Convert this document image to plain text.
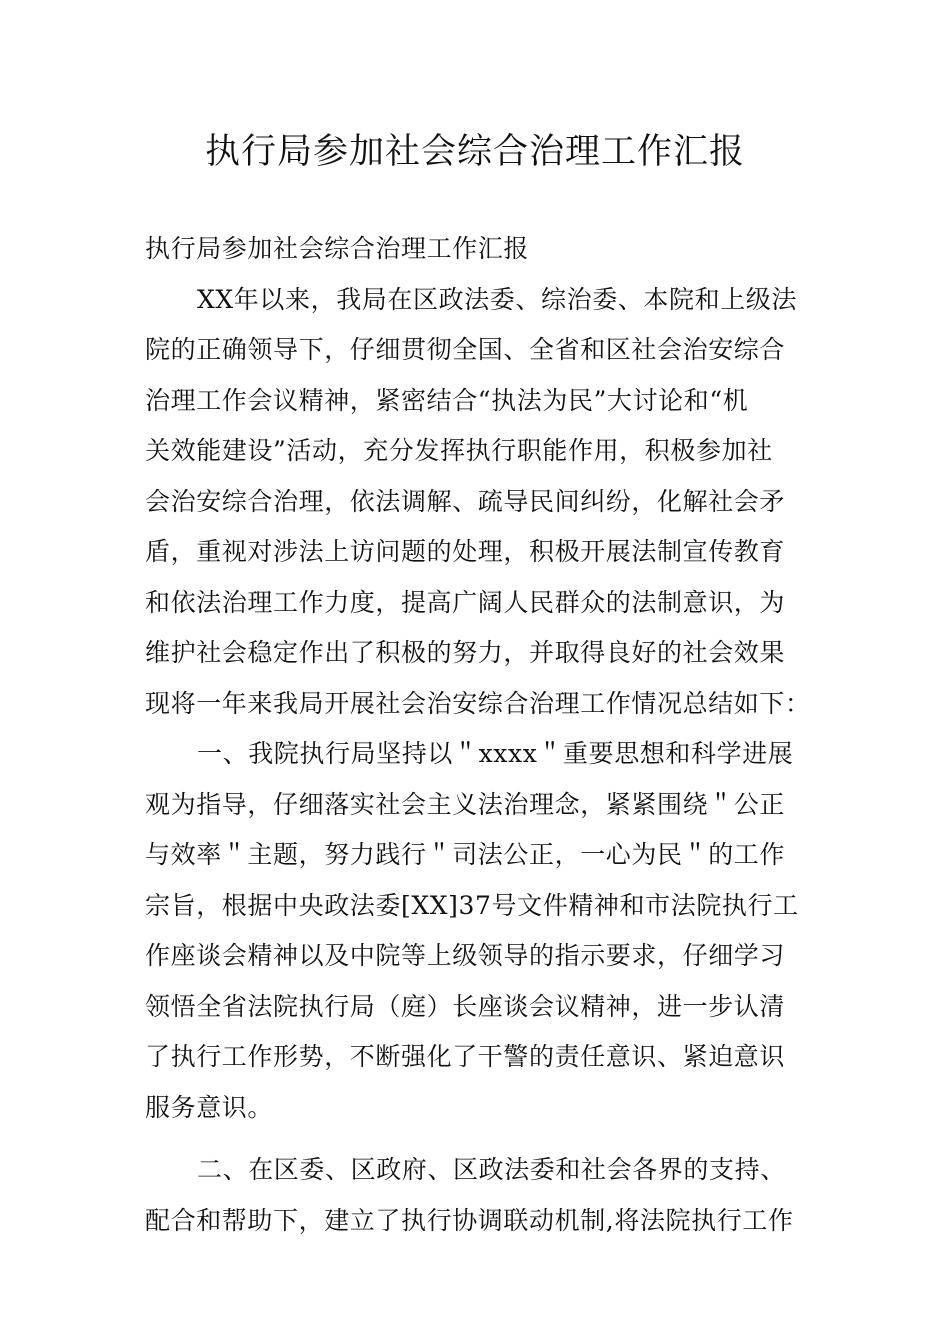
执行局参加社会综合治理工作汇报
执行局参加社会综合治理工作汇报
XX年以来，我局在区政法委、综治委、本院和上级法
院的正确领导下，仔细贯彻全国、全省和区社会治安综合
治理工作会议精神，紧密结合“执法为民”大讨论和“机
关效能建设”活动，充分发挥执行职能作用，积极参加社
会治安综合治理，依法调解、疏导民间纠纷，化解社会矛
盾，重视对涉法上访问题的处理，积极开展法制宣传教育
和依法治理工作力度，提高广阔人民群众的法制意识，为
维护社会稳定作出了积极的努力，并取得良好的社会效果
现将一年来我局开展社会治安综合治理工作情况总结如下：
一、我院执行局坚持以＂xxxx＂重要思想和科学进展
观为指导，仔细落实社会主义法治理念，紧紧围绕＂公正
与效率＂主题，努力践行＂司法公正，一心为民＂的工作
宗旨，根据中央政法委[XX]37号文件精神和市法院执行工
作座谈会精神以及中院等上级领导的指示要求，仔细学习
领悟全省法院执行局（庭）长座谈会议精神，进一步认清
了执行工作形势，不断强化了干警的责任意识、紧迫意识
服务意识。
二、在区委、区政府、区政法委和社会各界的支持、
配合和帮助下，建立了执行协调联动机制,将法院执行工作
